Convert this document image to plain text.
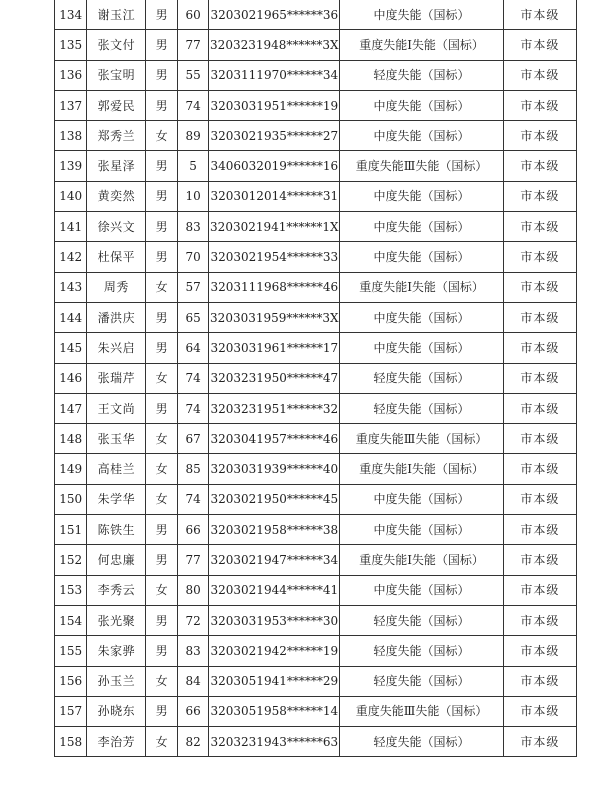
134	谢玉江	男	60	3203021965******36	中度失能（国标）	市本级
135	张文付	男	77	3203231948******3X	重度失能Ⅰ失能（国标）	市本级
136	张宝明	男	55	3203111970******34	轻度失能（国标）	市本级
137	郭爱民	男	74	3203031951******19	中度失能（国标）	市本级
138	郑秀兰	女	89	3203021935******27	中度失能（国标）	市本级
139	张星泽	男	5	3406032019******16	重度失能Ⅲ失能（国标）	市本级
140	黄奕然	男	10	3203012014******31	中度失能（国标）	市本级
141	徐兴文	男	83	3203021941******1X	中度失能（国标）	市本级
142	杜保平	男	70	3203021954******33	中度失能（国标）	市本级
143	周秀	女	57	3203111968******46	重度失能Ⅰ失能（国标）	市本级
144	潘洪庆	男	65	3203031959******3X	中度失能（国标）	市本级
145	朱兴启	男	64	3203031961******17	中度失能（国标）	市本级
146	张瑞芹	女	74	3203231950******47	轻度失能（国标）	市本级
147	王文尚	男	74	3203231951******32	轻度失能（国标）	市本级
148	张玉华	女	67	3203041957******46	重度失能Ⅲ失能（国标）	市本级
149	高桂兰	女	85	3203031939******40	重度失能Ⅰ失能（国标）	市本级
150	朱学华	女	74	3203021950******45	中度失能（国标）	市本级
151	陈铁生	男	66	3203021958******38	中度失能（国标）	市本级
152	何忠廉	男	77	3203021947******34	重度失能Ⅰ失能（国标）	市本级
153	李秀云	女	80	3203021944******41	中度失能（国标）	市本级
154	张光聚	男	72	3203031953******30	轻度失能（国标）	市本级
155	朱家骅	男	83	3203021942******19	轻度失能（国标）	市本级
156	孙玉兰	女	84	3203051941******29	轻度失能（国标）	市本级
157	孙晓东	男	66	3203051958******14	重度失能Ⅲ失能（国标）	市本级
158	李治芳	女	82	3203231943******63	轻度失能（国标）	市本级
